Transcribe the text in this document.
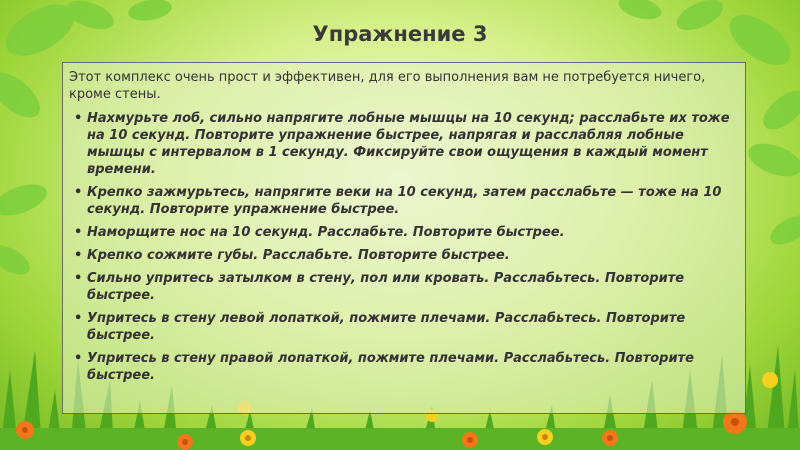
Упражнение 3

Этот комплекс очень прост и эффективен, для его выполнения вам не потребуется ничего, кроме стены.

• Нахмурьте лоб, сильно напрягите лобные мышцы на 10 секунд; расслабьте их тоже на 10 секунд. Повторите упражнение быстрее, напрягая и расслабляя лобные мышцы с интервалом в 1 секунду. Фиксируйте свои ощущения в каждый момент времени.
• Крепко зажмурьтесь, напрягите веки на 10 секунд, затем расслабьте — тоже на 10 секунд. Повторите упражнение быстрее.
• Наморщите нос на 10 секунд. Расслабьте. Повторите быстрее.
• Крепко сожмите губы. Расслабьте. Повторите быстрее.
• Сильно упритесь затылком в стену, пол или кровать. Расслабьтесь. Повторите быстрее.
• Упритесь в стену левой лопаткой, пожмите плечами. Расслабьтесь. Повторите быстрее.
• Упритесь в стену правой лопаткой, пожмите плечами. Расслабьтесь. Повторите быстрее.
